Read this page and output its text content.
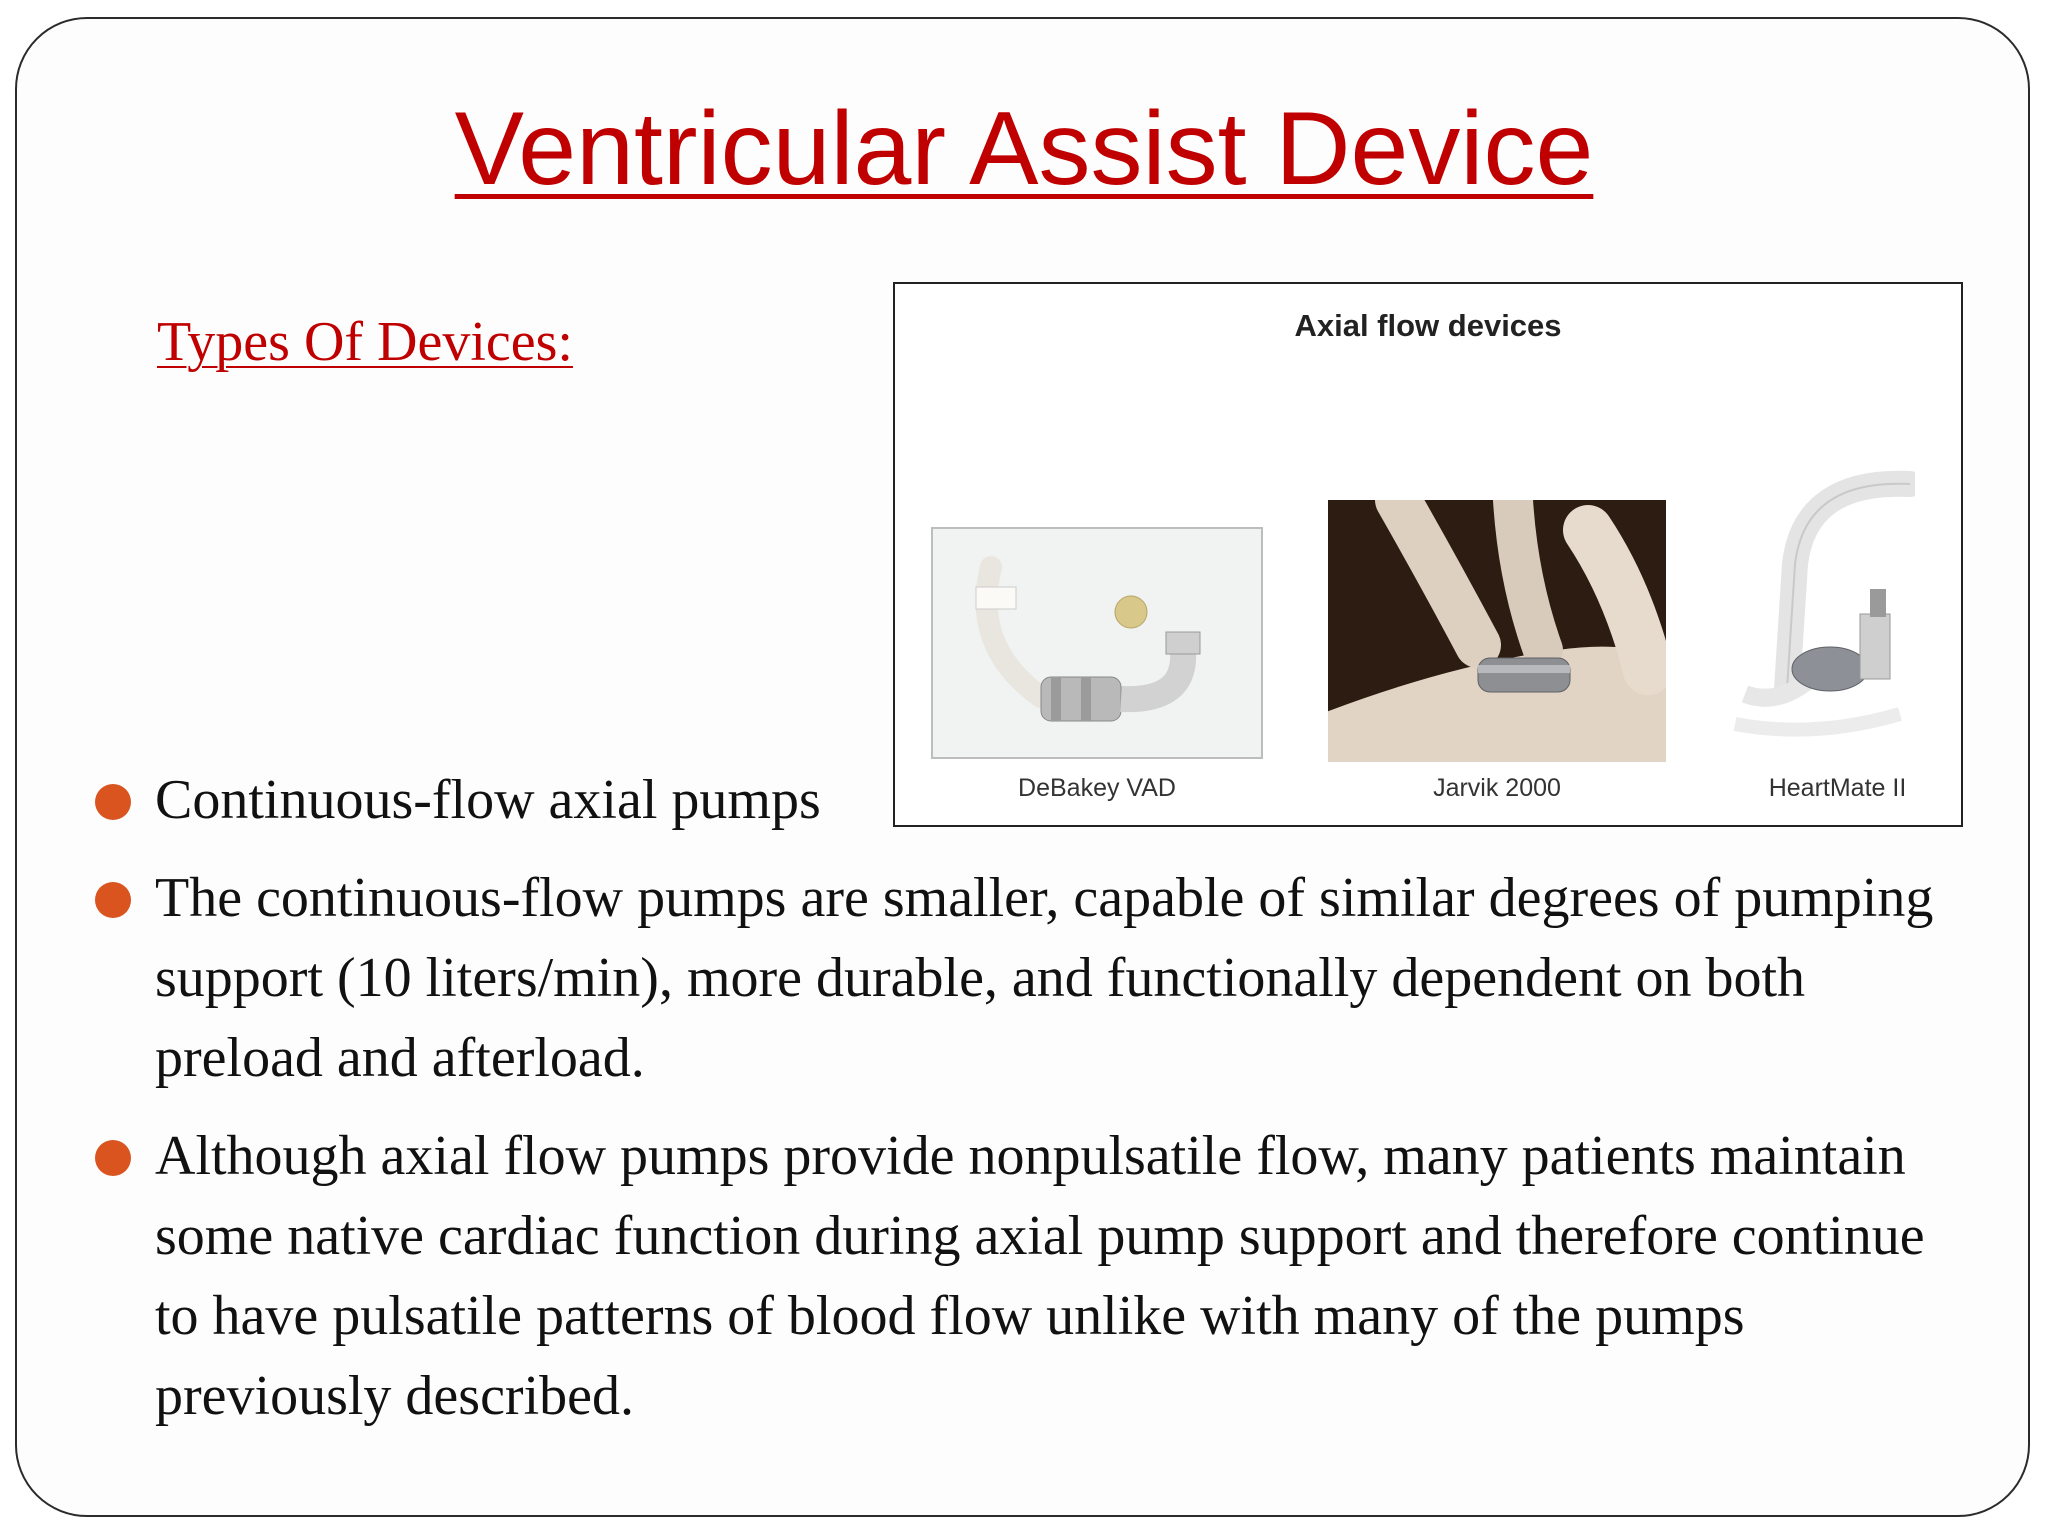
Ventricular Assist Device
Types Of Devices:	Axial flow devices
DeBakey VAD	Jarvik 2000	HeartMate II
Continuous-flow axial pumps
The continuous-flow pumps are smaller, capable of similar degrees of pumping support (10 liters/min), more durable, and functionally dependent on both preload and afterload.
Although axial flow pumps provide nonpulsatile flow, many patients maintain some native cardiac function during axial pump support and therefore continue to have pulsatile patterns of blood flow unlike with many of the pumps previously described.
